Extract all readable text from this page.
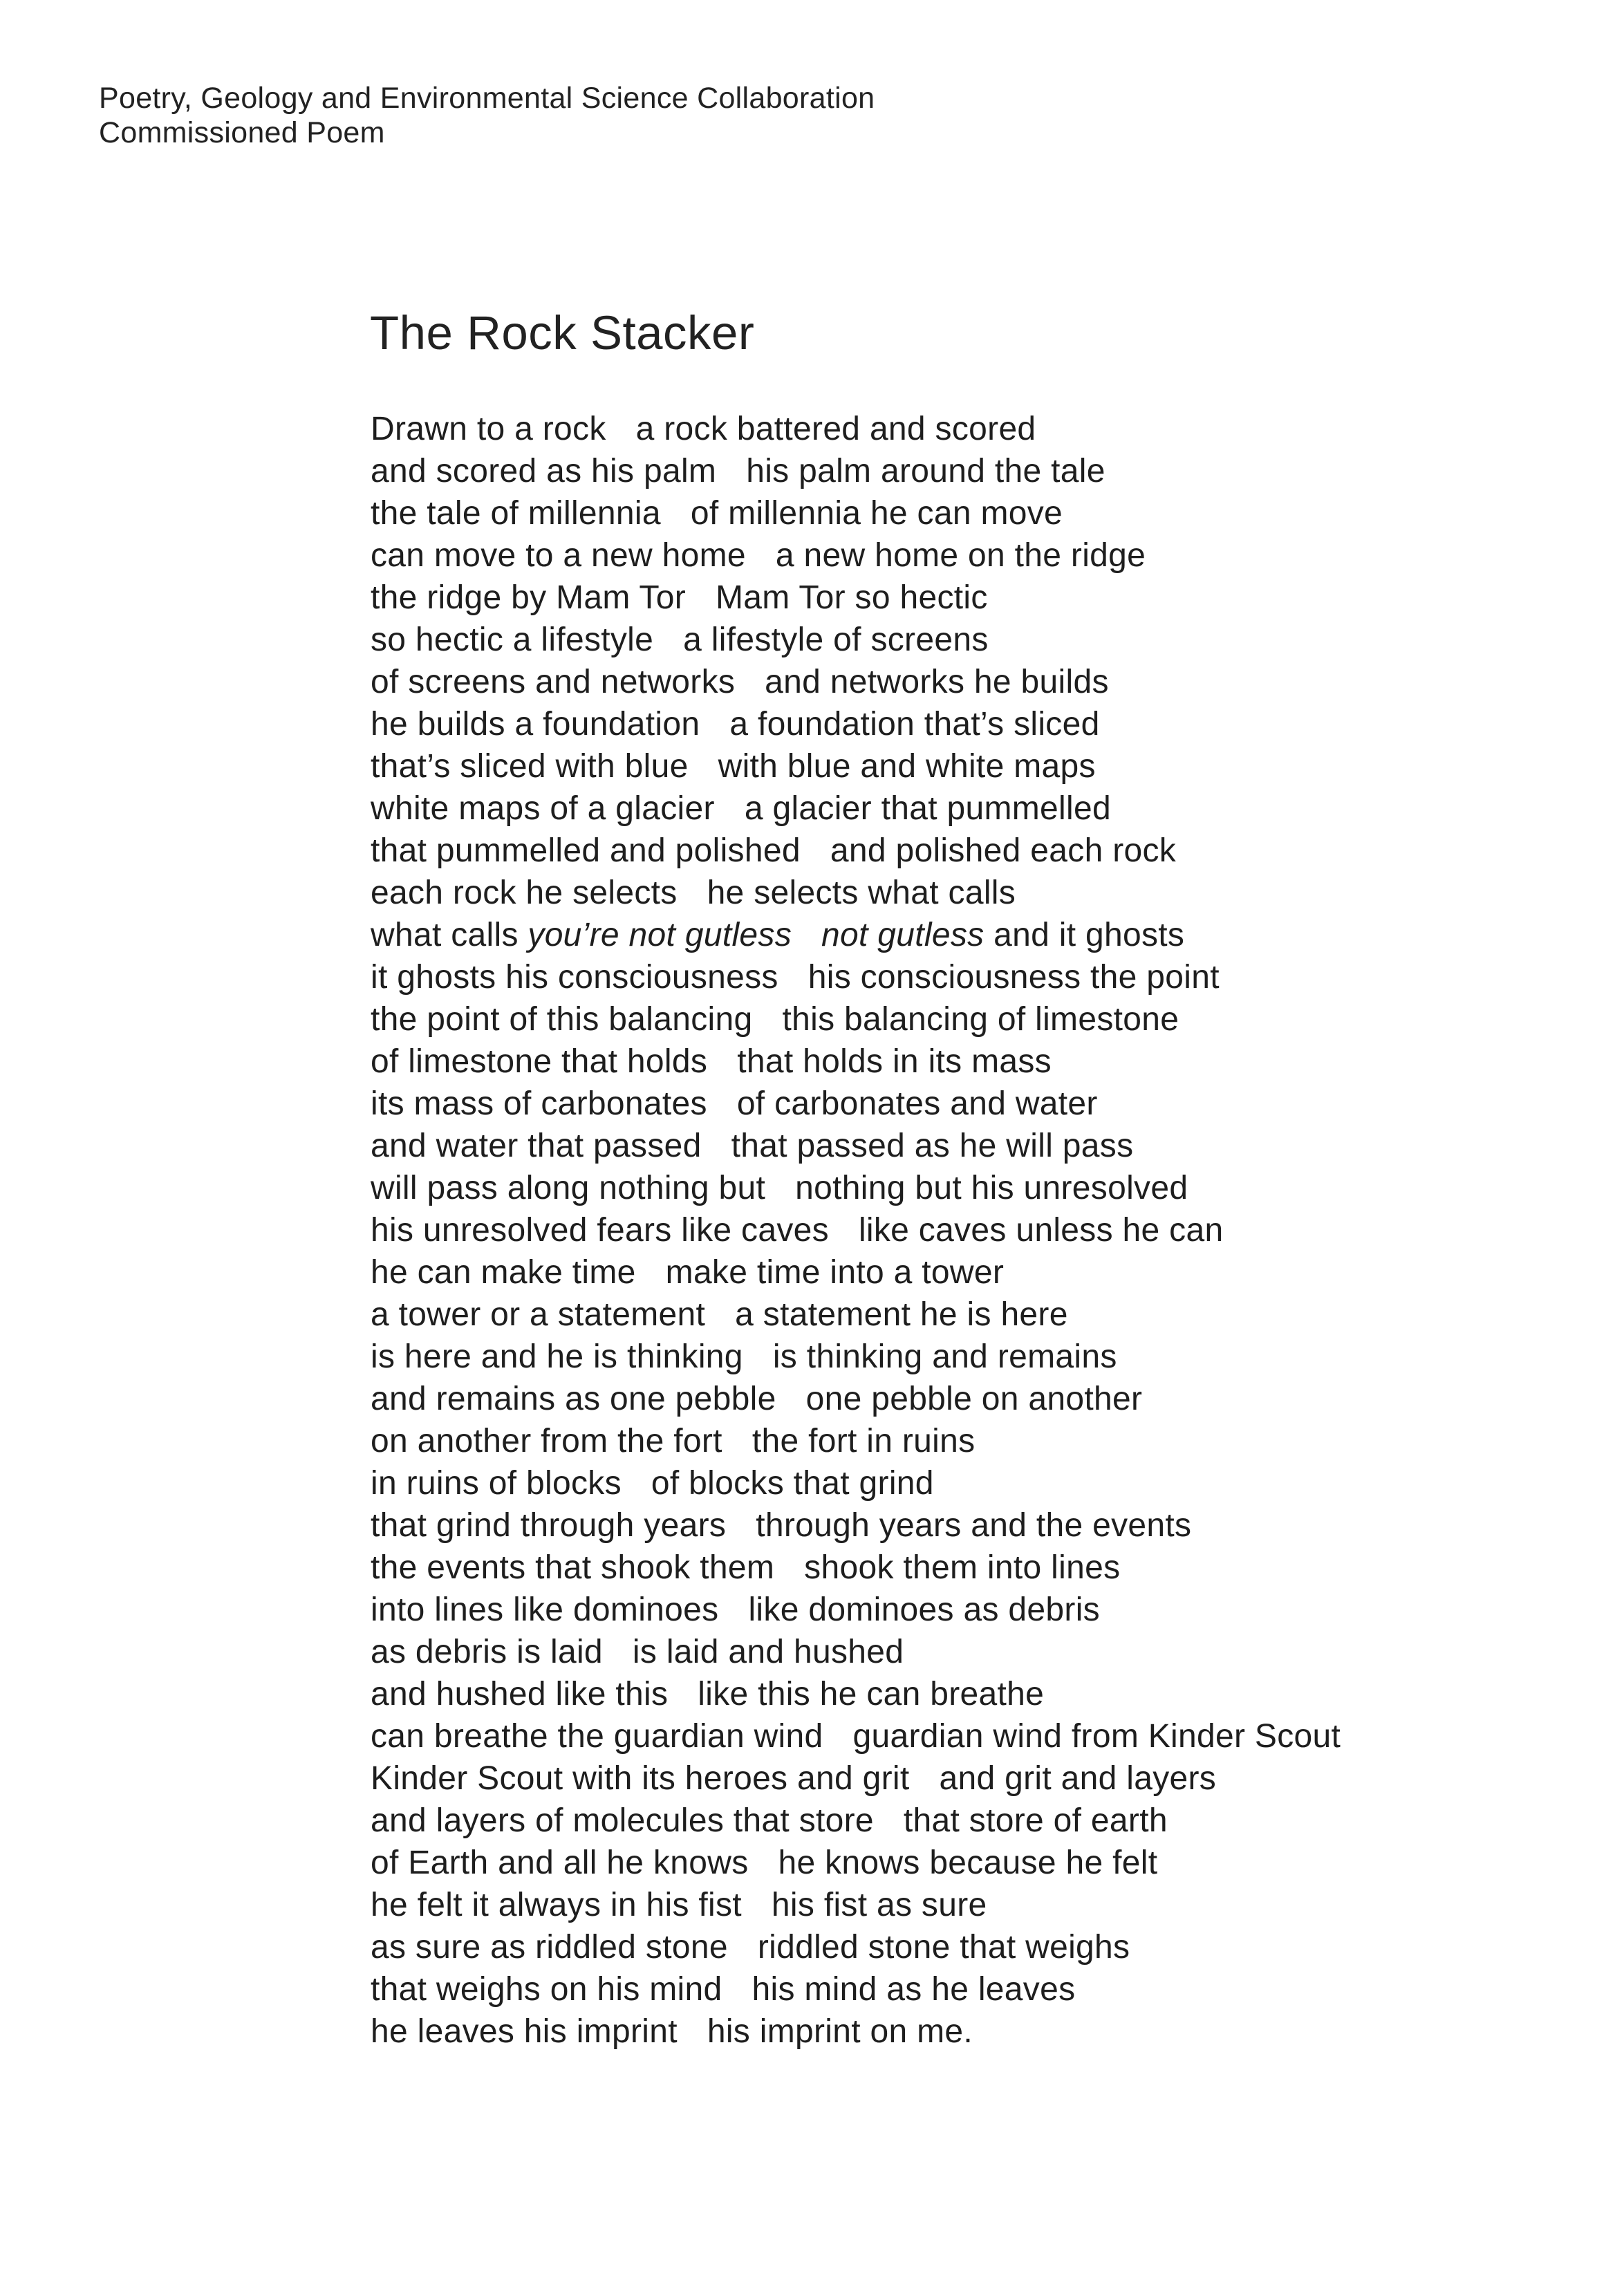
Poetry, Geology and Environmental Science Collaboration
Commissioned Poem
The Rock Stacker
Drawn to a rock a rock battered and scored
and scored as his palm his palm around the tale
the tale of millennia of millennia he can move
can move to a new home a new home on the ridge
the ridge by Mam Tor Mam Tor so hectic
so hectic a lifestyle a lifestyle of screens
of screens and networks and networks he builds
he builds a foundation a foundation that’s sliced
that’s sliced with blue with blue and white maps
white maps of a glacier a glacier that pummelled
that pummelled and polished and polished each rock
each rock he selects he selects what calls
what calls you’re not gutless not gutless and it ghosts
it ghosts his consciousness his consciousness the point
the point of this balancing this balancing of limestone
of limestone that holds that holds in its mass
its mass of carbonates of carbonates and water
and water that passed that passed as he will pass
will pass along nothing but nothing but his unresolved
his unresolved fears like caves like caves unless he can
he can make time make time into a tower
a tower or a statement a statement he is here
is here and he is thinking is thinking and remains
and remains as one pebble one pebble on another
on another from the fort the fort in ruins
in ruins of blocks of blocks that grind
that grind through years through years and the events
the events that shook them shook them into lines
into lines like dominoes like dominoes as debris
as debris is laid is laid and hushed
and hushed like this like this he can breathe
can breathe the guardian wind guardian wind from Kinder Scout
Kinder Scout with its heroes and grit and grit and layers
and layers of molecules that store that store of earth
of Earth and all he knows he knows because he felt
he felt it always in his fist his fist as sure
as sure as riddled stone riddled stone that weighs
that weighs on his mind his mind as he leaves
he leaves his imprint his imprint on me.
